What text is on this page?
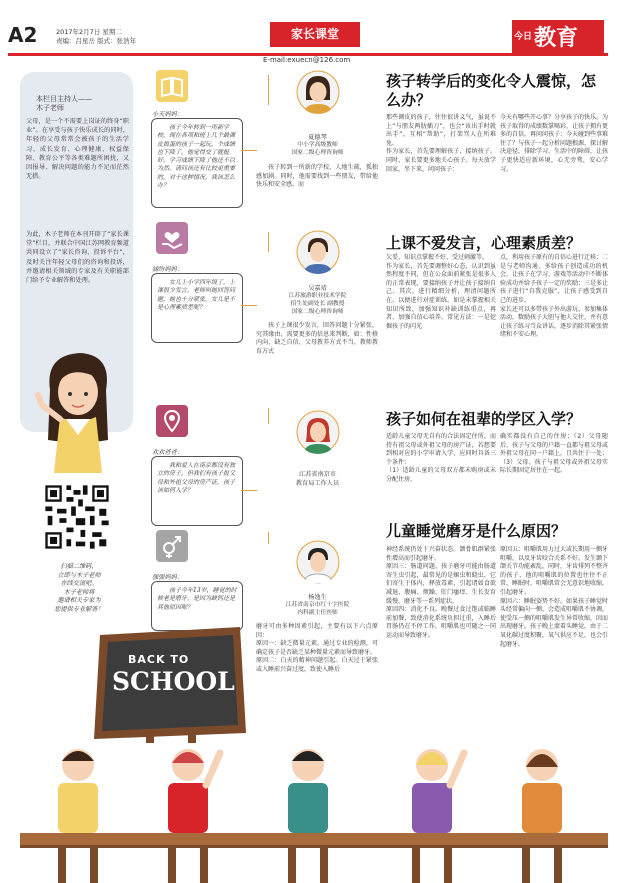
A2	2017年2月7日 星期二
责编：吕星岳 版式：张浩年	家长课堂	今日 教育
E-mail:exuecn@126.com
本栏目主持人——
木子老师
父母，是一个不需要上岗证的终身“职业”。在享受与孩子快乐成长的同时，年轻的父母常常会被孩子的生活学习、成长发育、心理健康、权益保障、教育公平等各类难题所困扰，又因报导、解决问题的能力不足而茫然无措。
为此，木子老师在本刊开辟了“家长课堂”栏目，并联合中国江苏网教育频道共同设立了“家长咨询、投诉平台”，及时关注年轻父母们的咨询和投诉，并邀请相关领域的专家及有关职能部门给予专业解答和处理。
扫描二维码，
立即与木子老师
在线交流吧。
木子老师将
邀请相关专家为
您提供专业解答！
小天妈妈：
孩子今年转到一所新学校，现在各项和班上几个最调皮捣蛋的孩子一起玩，个成绩也下降了。他觉得交了就挺好。学习成绩下降了他还不以为然。请问该还有比较更重要的，对于这种情况，我该怎么办？
涵纷妈妈：
女儿上小学四年级了，上课很少发言，老师叫她回答问题，她也十分紧张，女儿是不是心理素质差呢？
欢欢爸爸：
我和爱人在南京都没有独立的房子，但我们有孩子报父母和外祖父母的房产证，孩子该如何入学？
强强妈妈：
孩子今年13岁，睡觉的时候老是磨牙，是因为缺钙还是其他原因呢？
夏德琴
中小学高级教师
国家二级心理咨询师
孩子转到一所新的学校，人地生疏，孤独感加剧。同时，他需要找到一些朋友，带给他快乐和安全感。而
吴嘉靖
江苏旅游职业技术学院
招生处副处长 副教授
国家二级心理咨询师
孩子上课很少发言，回答问题十分紧张，究其缘由，需要更多的信息来判断，如：性格内向、缺乏自信、父母教养方式不当、教师教育方式
江苏省南京市
教育局工作人员
杨逸生
江苏省南京市红十字医院
内科副主任医师
磨牙可由多种因素引起，主要有以下六点原因：
原因一：缺乏微量元素。通过专业的检测，可确定孩子是否缺乏某种微量元素而导致磨牙。
原因二：白天的精神问题引起。白天过于紧张或入睡前兴奋过度，致使入睡后
孩子转学后的变化令人震惊，怎么办？
那些调皮的孩子，往往很讲义气，虽说不上“与朋友两肋插刀”，也会“该出手时就出手”，互相“帮助”，打架骂人在所难免。
作为家长，首先要理解孩子，接纳孩子。同时，家长要更多地关心孩子。每天放学回家，坐下来，问问孩子：
今天有哪些开心事？分享孩子的快乐。为孩子取得的成绩数掌喝彩，让孩子拥有更多的自信。再问问孩子：今天碰到些事难住了？与孩子一起分析问题根源，探讨解决途径，排除学习、生活中的障碍，让孩子更快适应新环境，心无旁骛，安心学习。
上课不爱发言，心理素质差？
欠妥、知识点掌握不好、受过刺激等。
作为家长，首先要调整好心态，认识到虽然程度不同，但在公众面前紧张是很多人的正常表现，要接纳孩子并让孩子接纳自己。其次，进行精细分析，理清问题所在，以便进行对症训练。如是未掌握相关知识所致，加强知识补缺训练重点，再者，加强自信心培养，常见方法：一是挖掘孩子的闪光
点，利用孩子原有的自信心进行迁移；二是与老师沟通，多给孩子创造成功的机会，让孩子在学习、游戏等活动中不断体验成功并给予孩子一定的奖励；三是多让孩子进行“自我克服”，让孩子感受到自己的进步。
家长还可以多带孩子外出游玩、参加集体活动，数励孩子大胆与他人交往，并有意让孩子练习当众讲话，逐步消除其紧张情绪和不安心理。
孩子如何在祖辈的学区入学？
适龄儿童父母无自有的合法固定住所，而持有祖父母或外祖父母的房产证，若想要到相对应的小学申请入学，应同时具备三个条件：
（1）适龄儿童的父母双方都未购房或未分配住房，
确实都没有自己的住房；（2）父母随后，孩子与父母的户籍一直都与祖父母或外祖父母在同一户籍上，且共住于一处；（3）父母、孩子与祖父母或外祖父母实际长期固定居住在一起。
儿童睡觉磨牙是什么原因？
神经系统仍处于兴奋状态。颌骨肌群紧张性增高而引起磨牙。
原因三：肠道问题。孩子磨牙可能由肠道寄生虫引起，最常见的是蛔虫和蛲虫，它们寄生于体内，释放毒素，引起诸如食欲减退、腹痛、烦躁、肛门瘙痒、生长发育缓慢，磨牙等一系列症状。
原因四：消化不良。晚餐过食过饱或临睡前加餐，致使消化系统负担过重，入睡后胃肠仍在不停工作，咀嚼肌也可随之一同运动而导致磨牙。
原因五：咀嚼肌用力过大或长期用一侧牙咀嚼，以及牙齿咬合关系不好。发生颞下颌关节功能紊乱，同时，牙齿排列不整齐的孩子，他的咀嚼肌的位置也往往不正常，睡眠时，咀嚼肌常会无意识地收缩，引起磨牙。
原因六：睡眠姿势不好。如果孩子睡觉时头经常偏向一侧，会造成咀嚼肌不协调，使受压一侧的咀嚼肌发生异常收缩，因而出现磨牙。孩子晚上蒙着头睡觉，由于二氧化碳过度积聚，氧气供应不足，也会引起磨牙。
BACK TO
SCHOOL
